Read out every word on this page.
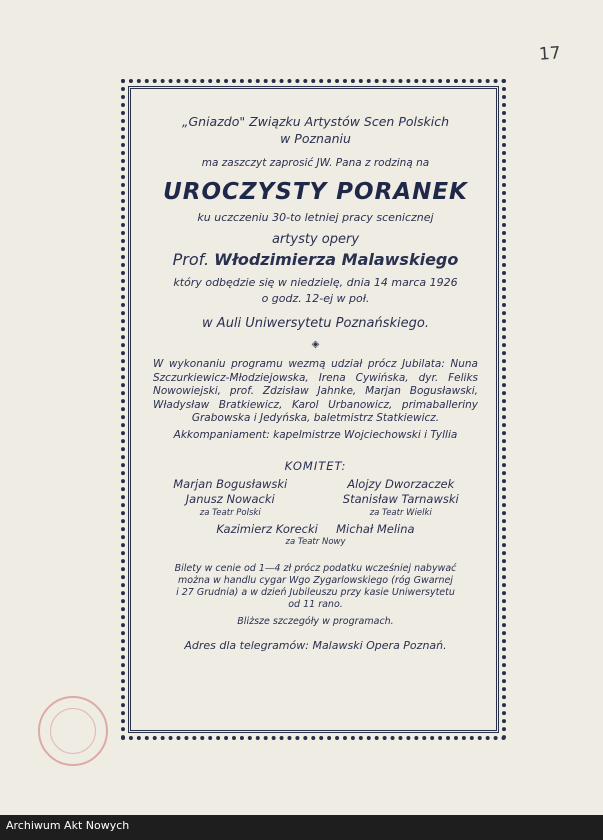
17
„Gniazdo" Związku Artystów Scen Polskich
w Poznaniu
ma zaszczyt zaprosić JW. Pana z rodziną na
UROCZYSTY PORANEK
ku uczczeniu 30-to letniej pracy scenicznej
artysty opery
Prof. Włodzimierza Malawskiego
który odbędzie się w niedzielę, dnia 14 marca 1926
o godz. 12-ej w poł.
w Auli Uniwersytetu Poznańskiego.
◈
W wykonaniu programu wezmą udział prócz Jubilata: Nuna Szczurkiewicz-Młodziejowska, Irena Cywińska, dyr. Feliks Nowowiejski, prof. Zdzisław Jahnke, Marjan Bogusławski, Władysław Bratkiewicz, Karol Urbanowicz, primaballeriny Grabowska i Jedyńska, baletmistrz Statkiewicz.
Akkompaniament: kapelmistrze Wojciechowski i Tyllia
KOMITET:
Marjan Bogusławski
Janusz Nowacki
za Teatr Polski
Alojzy Dworzaczek
Stanisław Tarnawski
za Teatr Wielki
Kazimierz Korecki Michał Melina
za Teatr Nowy
Bilety w cenie od 1—4 zł prócz podatku wcześniej nabywać
można w handlu cygar Wgo Zygarlowskiego (róg Gwarnej
i 27 Grudnia) a w dzień Jubileuszu przy kasie Uniwersytetu
od 11 rano.
Bliższe szczegóły w programach.
Adres dla telegramów: Malawski Opera Poznań.
Archiwum Akt Nowych
